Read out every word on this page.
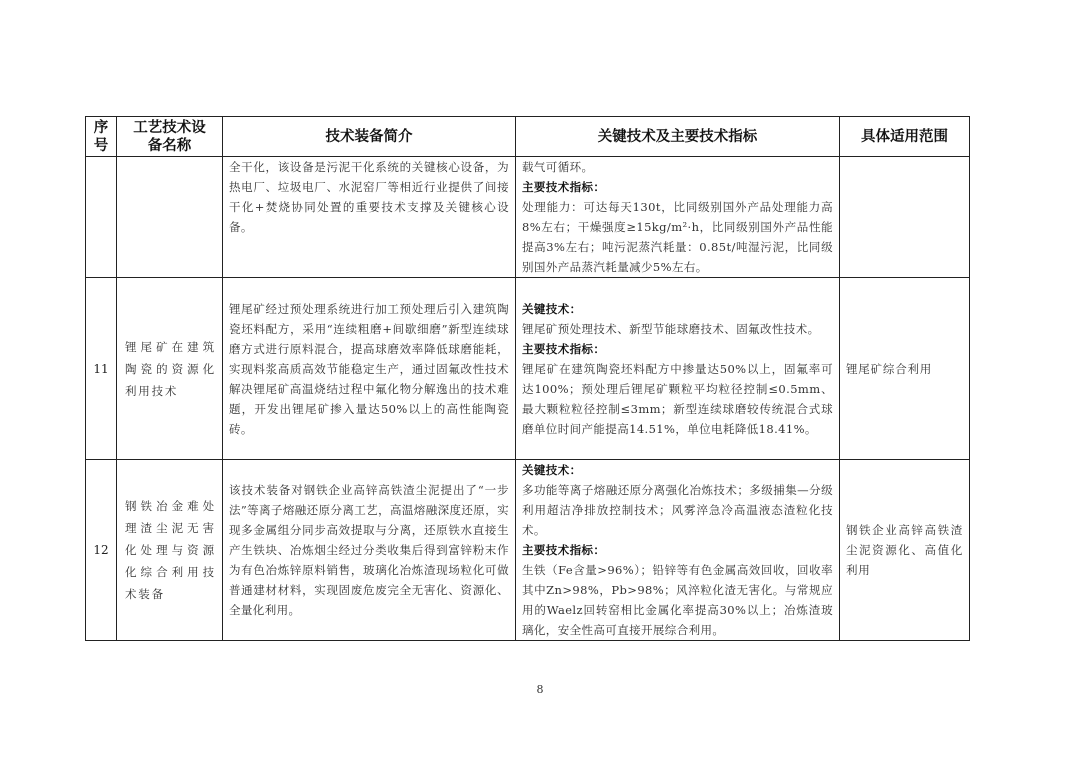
序号	工艺技术设备名称	技术装备简介	关键技术及主要技术指标	具体适用范围

		全干化，该设备是污泥干化系统的关键核心设备，为热电厂、垃圾电厂、水泥窑厂等相近行业提供了间接干化+焚烧协同处置的重要技术支撑及关键核心设备。	载气可循环。
主要技术指标：
处理能力：可达每天130t，比同级别国外产品处理能力高8%左右；干燥强度≥15kg/m²·h，比同级别国外产品性能提高3%左右；吨污泥蒸汽耗量：0.85t/吨湿污泥，比同级别国外产品蒸汽耗量减少5%左右。	

11	锂尾矿在建筑陶瓷的资源化利用技术	锂尾矿经过预处理系统进行加工预处理后引入建筑陶瓷坯料配方，采用“连续粗磨+间歇细磨”新型连续球磨方式进行原料混合，提高球磨效率降低球磨能耗，实现料浆高质高效节能稳定生产，通过固氟改性技术解决锂尾矿高温烧结过程中氟化物分解逸出的技术难题，开发出锂尾矿掺入量达50%以上的高性能陶瓷砖。	关键技术：
锂尾矿预处理技术、新型节能球磨技术、固氟改性技术。
主要技术指标：
锂尾矿在建筑陶瓷坯料配方中掺量达50%以上，固氟率可达100%；预处理后锂尾矿颗粒平均粒径控制≤0.5mm、最大颗粒粒径控制≤3mm；新型连续球磨较传统混合式球磨单位时间产能提高14.51%，单位电耗降低18.41%。	锂尾矿综合利用

12	钢铁冶金难处理渣尘泥无害化处理与资源化综合利用技术装备	该技术装备对钢铁企业高锌高铁渣尘泥提出了“一步法”等离子熔融还原分离工艺，高温熔融深度还原，实现多金属组分同步高效提取与分离，还原铁水直接生产生铁块、冶炼烟尘经过分类收集后得到富锌粉末作为有色冶炼锌原料销售，玻璃化冶炼渣现场粒化可做普通建材材料，实现固废危废完全无害化、资源化、全量化利用。	关键技术：
多功能等离子熔融还原分离强化冶炼技术；多级捕集—分级利用超洁净排放控制技术；风雾淬急冷高温液态渣粒化技术。
主要技术指标：
生铁（Fe含量>96%）；铅锌等有色金属高效回收，回收率其中Zn>98%，Pb>98%；风淬粒化渣无害化。与常规应用的Waelz回转窑相比金属化率提高30%以上；冶炼渣玻璃化，安全性高可直接开展综合利用。	钢铁企业高锌高铁渣尘泥资源化、高值化利用
8
